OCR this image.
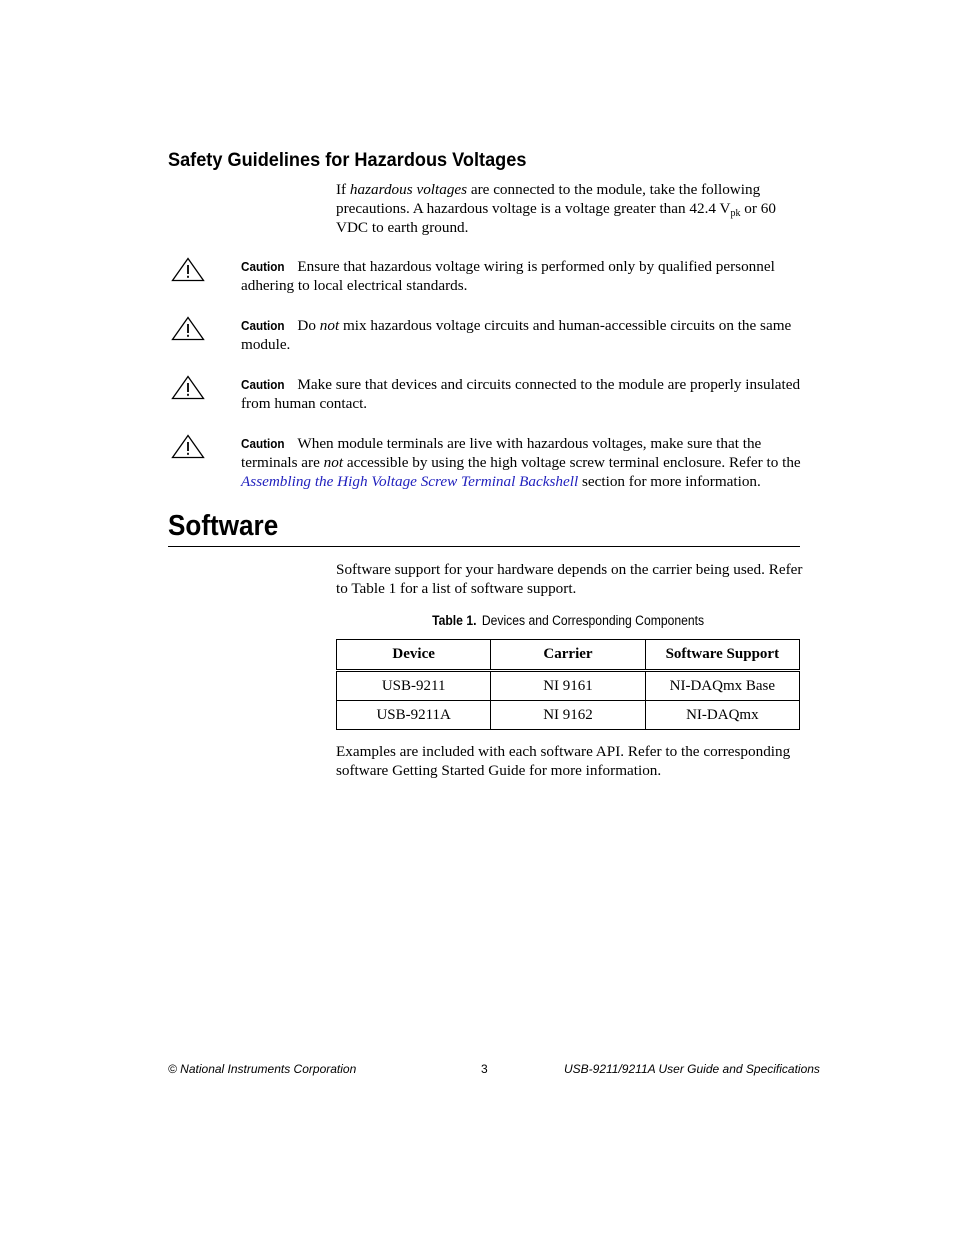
Safety Guidelines for Hazardous Voltages

If hazardous voltages are connected to the module, take the following precautions. A hazardous voltage is a voltage greater than 42.4 $V_{pk}$ or 60 VDC to earth ground.

Caution Ensure that hazardous voltage wiring is performed only by qualified personnel adhering to local electrical standards.

Caution Do not mix hazardous voltage circuits and human-accessible circuits on the same module.

Caution Make sure that devices and circuits connected to the module are properly insulated from human contact.

Caution When module terminals are live with hazardous voltages, make sure that the terminals are not accessible by using the high voltage screw terminal enclosure. Refer to the Assembling the High Voltage Screw Terminal Backshell section for more information.

Software

Software support for your hardware depends on the carrier being used. Refer to Table 1 for a list of software support.

Table 1. Devices and Corresponding Components

Device	Carrier	Software Support
USB-9211	NI 9161	NI-DAQmx Base
USB-9211A	NI 9162	NI-DAQmx

Examples are included with each software API. Refer to the corresponding software Getting Started Guide for more information.

© National Instruments Corporation	3	USB-9211/9211A User Guide and Specifications
